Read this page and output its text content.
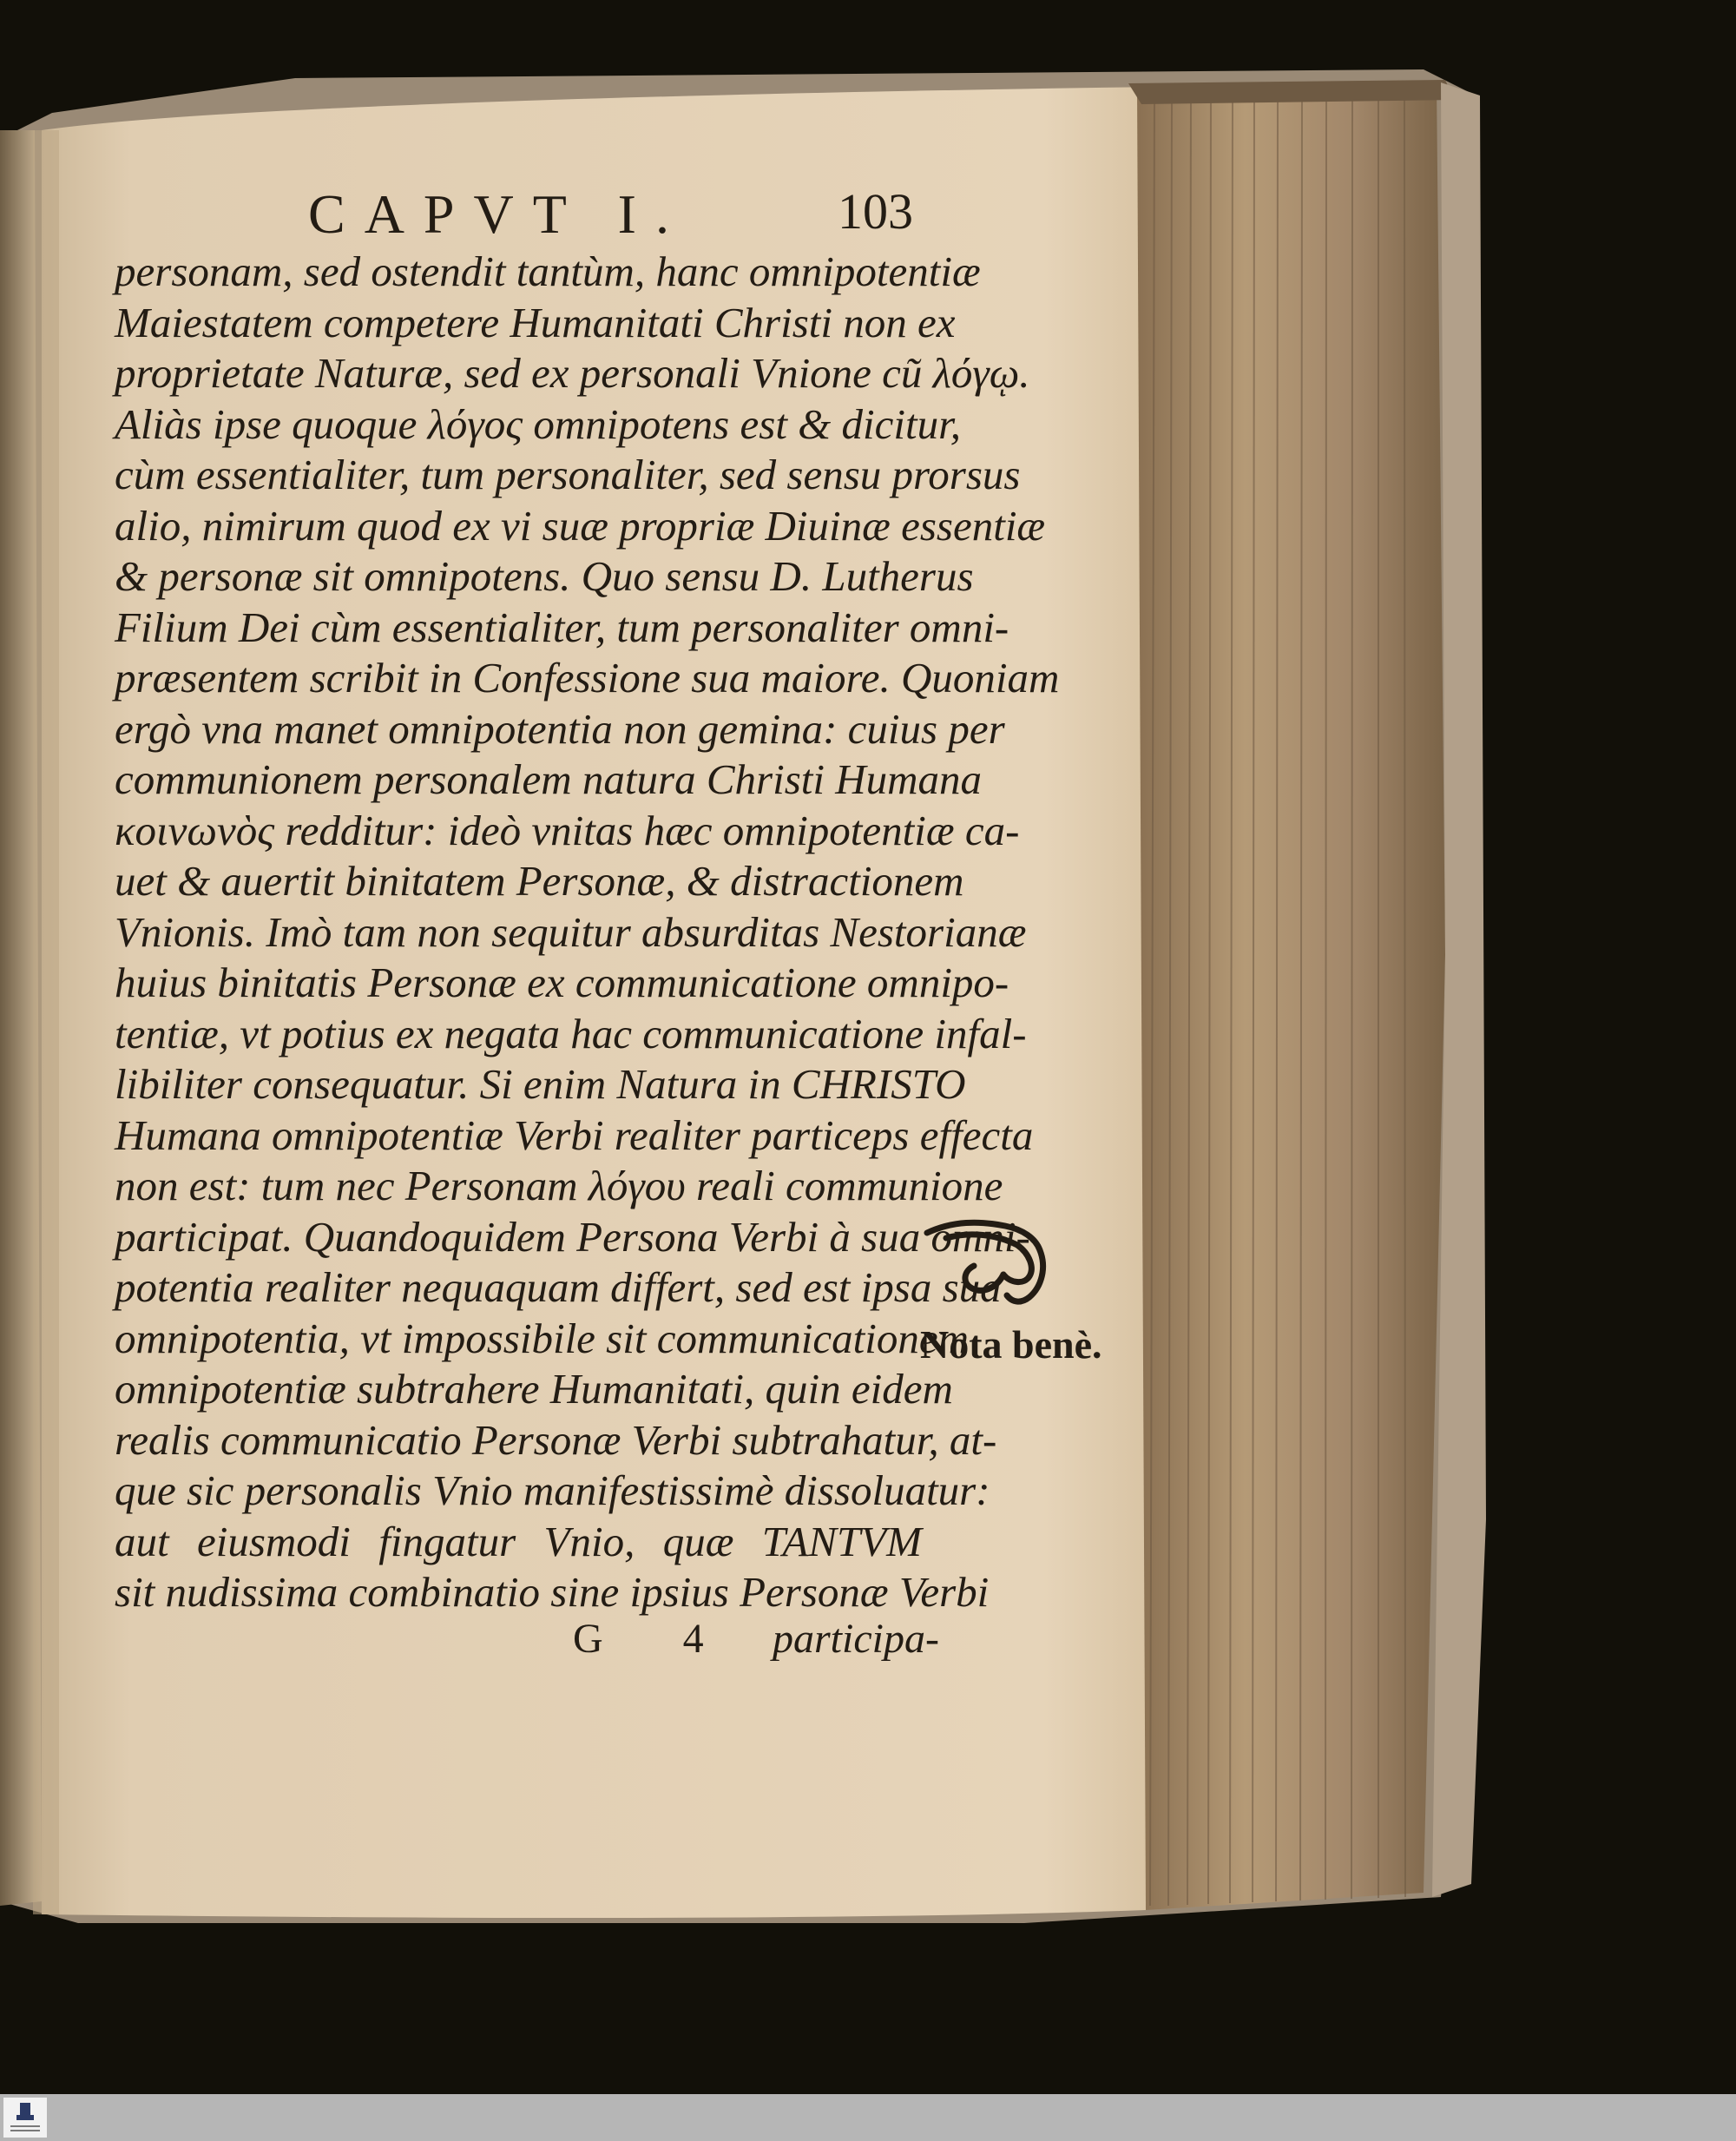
CAPVT I.	103
personam, sed ostendit tantùm, hanc omnipotentiæ
Maiestatem competere Humanitati Christi non ex
proprietate Naturæ, sed ex personali Vnione cũ λόγῳ.
Aliàs ipse quoque λόγος omnipotens est & dicitur,
cùm essentialiter, tum personaliter, sed sensu prorsus
alio, nimirum quod ex vi suæ propriæ Diuinæ essentiæ
& personæ sit omnipotens. Quo sensu D. Lutherus
Filium Dei cùm essentialiter, tum personaliter omni-
præsentem scribit in Confessione sua maiore. Quoniam
ergò vna manet omnipotentia non gemina: cuius per
communionem personalem natura Christi Humana
κοινωνὸς redditur: ideò vnitas hæc omnipotentiæ ca-
uet & auertit binitatem Personæ, & distractionem
Vnionis. Imò tam non sequitur absurditas Nestorianæ
huius binitatis Personæ ex communicatione omnipo-
tentiæ, vt potius ex negata hac communicatione infal-
libiliter consequatur. Si enim Natura in CHRISTO
Humana omnipotentiæ Verbi realiter particeps effecta
non est: tum nec Personam λόγου reali communione
participat. Quandoquidem Persona Verbi à sua omni-
potentia realiter nequaquam differt, sed est ipsa sua
omnipotentia, vt impossibile sit communicationem
omnipotentiæ subtrahere Humanitati, quin eidem
realis communicatio Personæ Verbi subtrahatur, at-
que sic personalis Vnio manifestissimè dissoluatur:
aut eiusmodi fingatur Vnio, quæ TANTVM
Nota benè.
G 4 participa-
sit nudissima combinatio sine ipsius Personæ Verbi
